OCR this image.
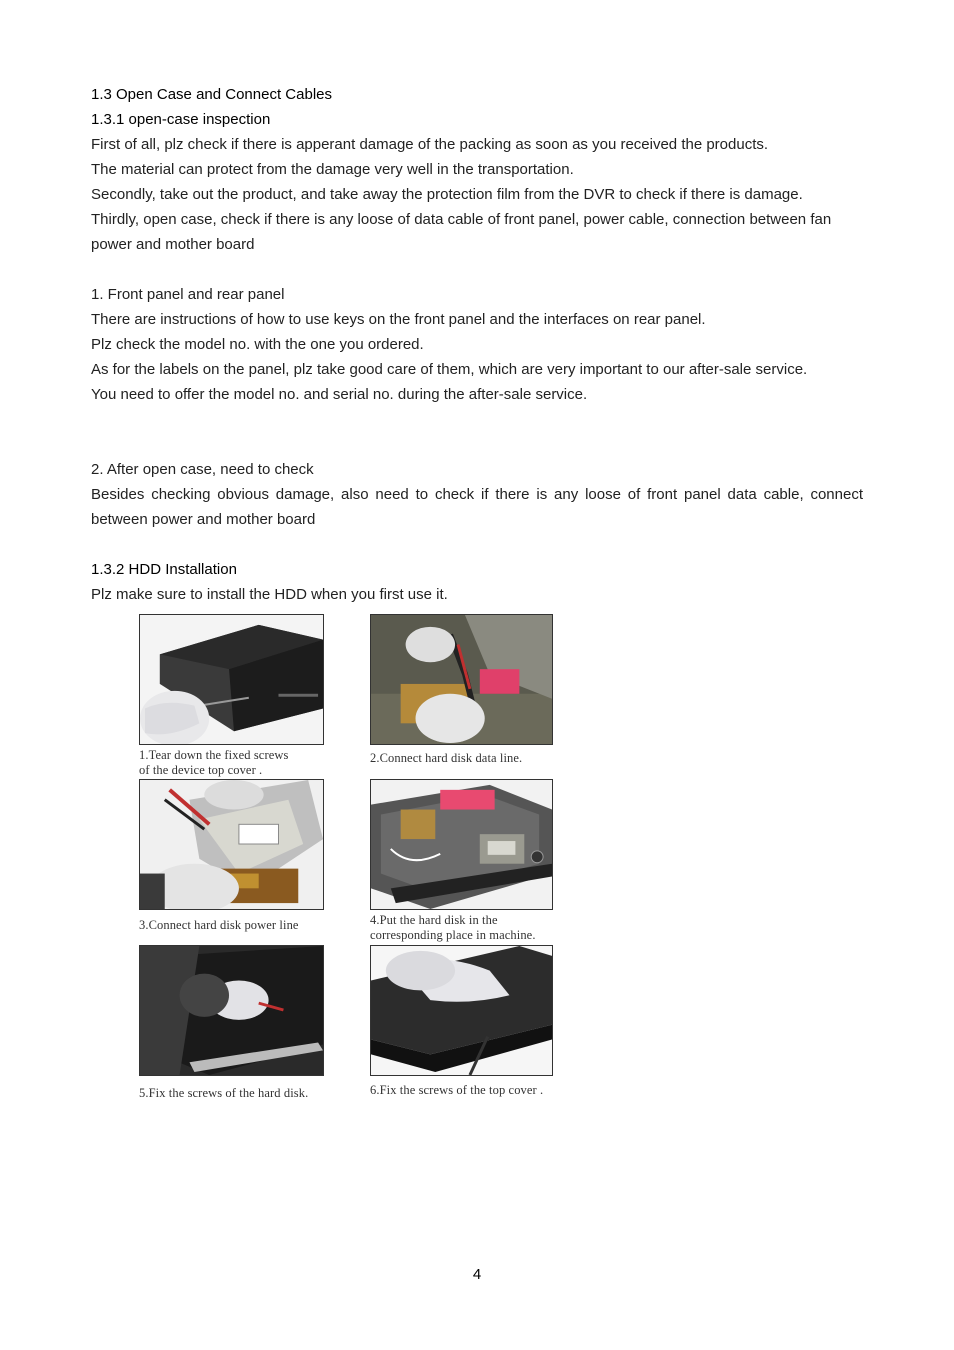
1.3 Open Case and Connect Cables

1.3.1 open-case inspection

First of all, plz check if there is apperant damage of the packing as soon as you received the products.

The material can protect from the damage very well in the transportation.

Secondly, take out the product, and take away the protection film from the DVR to check if there is damage.

Thirdly, open case, check if there is any loose of data cable of front panel, power cable, connection between fan power and mother board

1. Front panel and rear panel

There are instructions of how to use keys on the front panel and the interfaces on rear panel.

Plz check the model no. with the one you ordered.

As for the labels on the panel, plz take good care of them, which are very important to our after-sale service.

You need to offer the model no. and serial no. during the after-sale service.

2. After open case, need to check

Besides checking obvious damage, also need to check if there is any loose of front panel data cable, connect between power and mother board

1.3.2 HDD Installation

Plz make sure to install the HDD when you first use it.

1.Tear down the fixed screws
of the device top cover .
2.Connect hard disk data line.
3.Connect hard disk power line	4.Put the hard disk in the
corresponding place in machine.
5.Fix the screws of the hard disk.	6.Fix the screws of the top cover .
4
